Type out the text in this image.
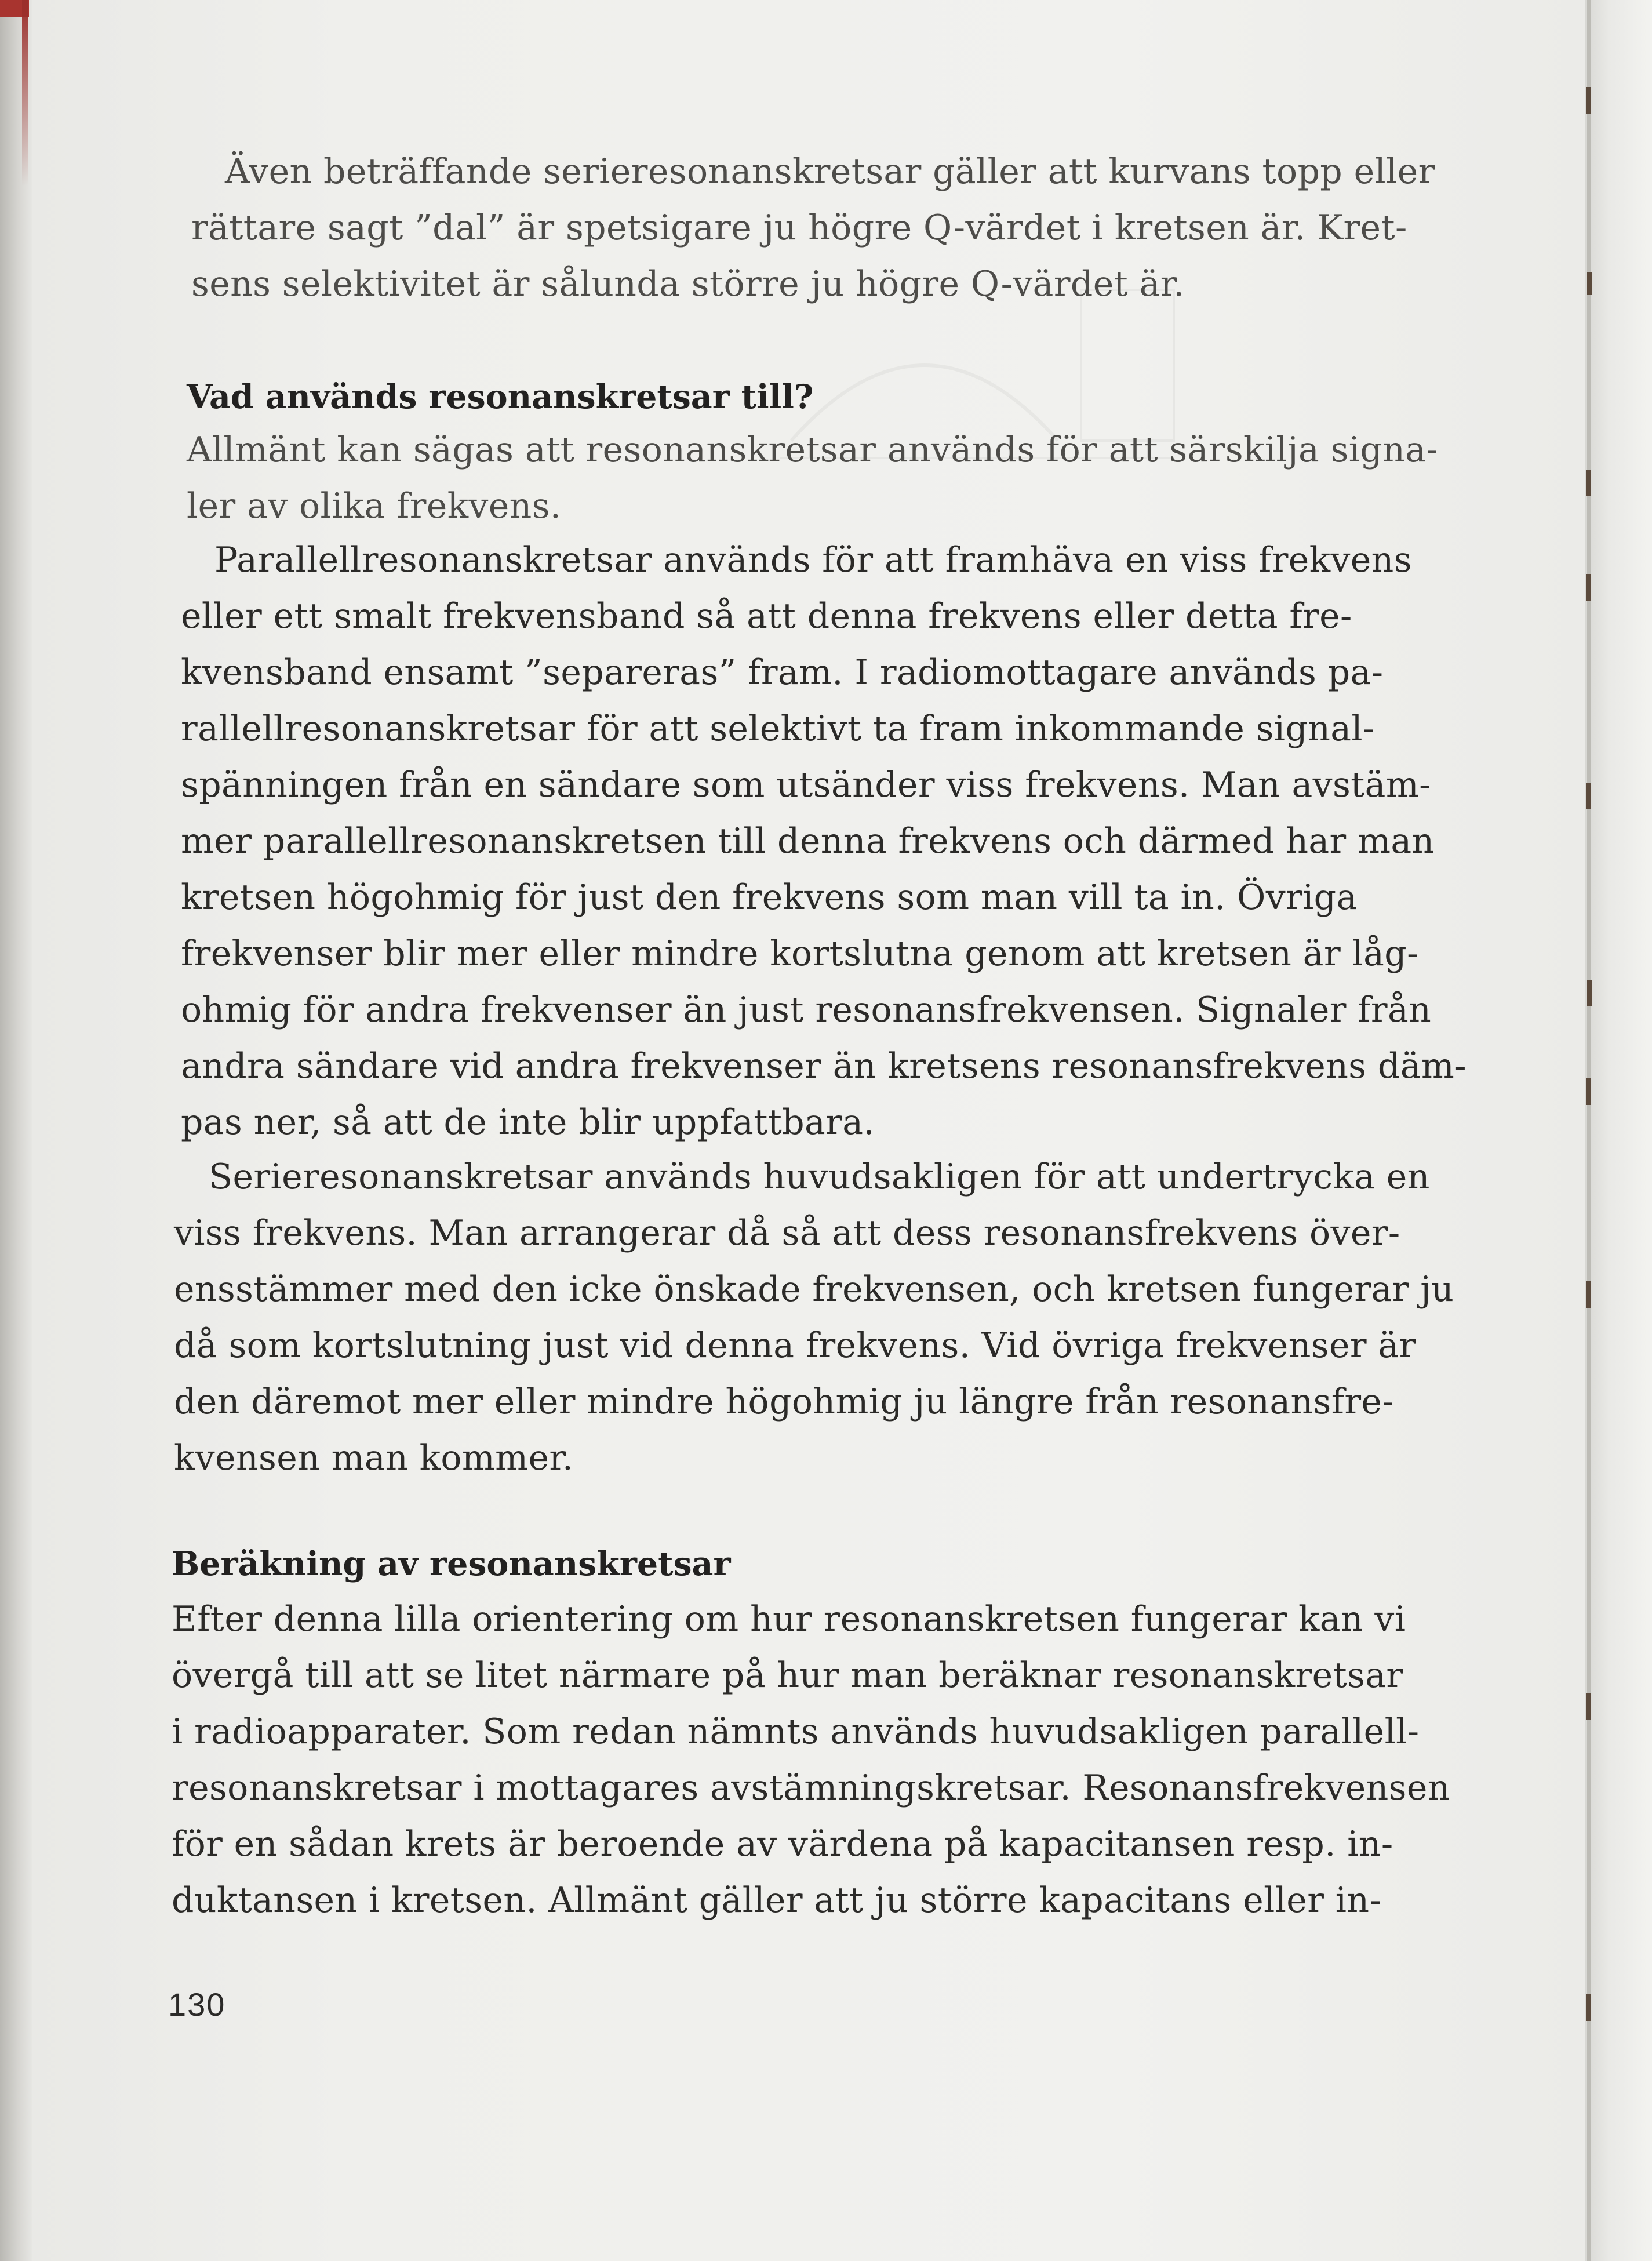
Även beträffande serieresonanskretsar gäller att kurvans topp eller
rättare sagt ”dal” är spetsigare ju högre Q-värdet i kretsen är. Kret-
sens selektivitet är sålunda större ju högre Q-värdet är.
Vad används resonanskretsar till?
Allmänt kan sägas att resonanskretsar används för att särskilja signa-
ler av olika frekvens.
Parallellresonanskretsar används för att framhäva en viss frekvens
eller ett smalt frekvensband så att denna frekvens eller detta fre-
kvensband ensamt ”separeras” fram. I radiomottagare används pa-
rallellresonanskretsar för att selektivt ta fram inkommande signal-
spänningen från en sändare som utsänder viss frekvens. Man avstäm-
mer parallellresonanskretsen till denna frekvens och därmed har man
kretsen högohmig för just den frekvens som man vill ta in. Övriga
frekvenser blir mer eller mindre kortslutna genom att kretsen är låg-
ohmig för andra frekvenser än just resonansfrekvensen. Signaler från
andra sändare vid andra frekvenser än kretsens resonansfrekvens däm-
pas ner, så att de inte blir uppfattbara.
Serieresonanskretsar används huvudsakligen för att undertrycka en
viss frekvens. Man arrangerar då så att dess resonansfrekvens över-
ensstämmer med den icke önskade frekvensen, och kretsen fungerar ju
då som kortslutning just vid denna frekvens. Vid övriga frekvenser är
den däremot mer eller mindre högohmig ju längre från resonansfre-
kvensen man kommer.
Beräkning av resonanskretsar
Efter denna lilla orientering om hur resonanskretsen fungerar kan vi
övergå till att se litet närmare på hur man beräknar resonanskretsar
i radioapparater. Som redan nämnts används huvudsakligen parallell-
resonanskretsar i mottagares avstämningskretsar. Resonansfrekvensen
för en sådan krets är beroende av värdena på kapacitansen resp. in-
duktansen i kretsen. Allmänt gäller att ju större kapacitans eller in-
130
